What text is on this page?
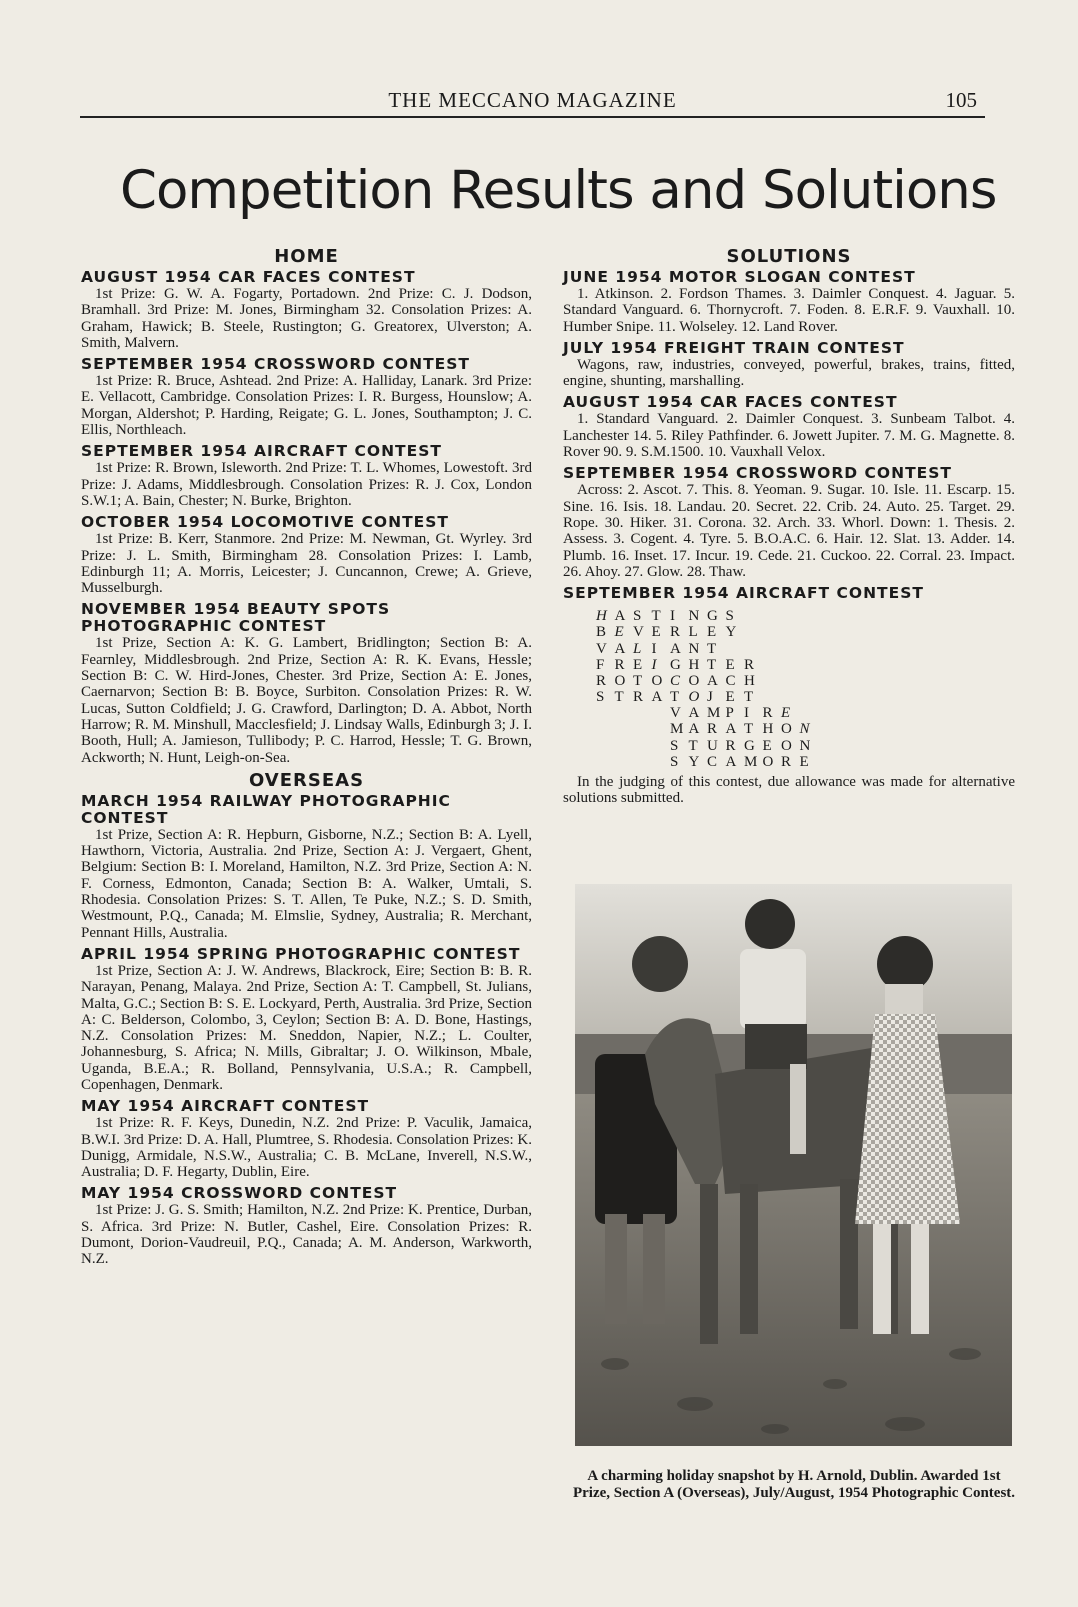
THE MECCANO MAGAZINE	105
Competition Results and Solutions
HOME
AUGUST 1954 CAR FACES CONTEST

1st Prize: G. W. A. Fogarty, Portadown. 2nd Prize: C. J. Dodson, Bramhall. 3rd Prize: M. Jones, Birmingham 32. Consolation Prizes: A. Graham, Hawick; B. Steele, Rustington; G. Greatorex, Ulverston; A. Smith, Malvern.

SEPTEMBER 1954 CROSSWORD CONTEST

1st Prize: R. Bruce, Ashtead. 2nd Prize: A. Halliday, Lanark. 3rd Prize: E. Vellacott, Cambridge. Consolation Prizes: I. R. Burgess, Hounslow; A. Morgan, Aldershot; P. Harding, Reigate; G. L. Jones, Southampton; J. C. Ellis, Northleach.

SEPTEMBER 1954 AIRCRAFT CONTEST

1st Prize: R. Brown, Isleworth. 2nd Prize: T. L. Whomes, Lowestoft. 3rd Prize: J. Adams, Middlesbrough. Consolation Prizes: R. J. Cox, London S.W.1; A. Bain, Chester; N. Burke, Brighton.

OCTOBER 1954 LOCOMOTIVE CONTEST

1st Prize: B. Kerr, Stanmore. 2nd Prize: M. Newman, Gt. Wyrley. 3rd Prize: J. L. Smith, Birmingham 28. Consolation Prizes: I. Lamb, Edinburgh 11; A. Morris, Leicester; J. Cuncannon, Crewe; A. Grieve, Musselburgh.

NOVEMBER 1954 BEAUTY SPOTS PHOTOGRAPHIC CONTEST

1st Prize, Section A: K. G. Lambert, Bridlington; Section B: A. Fearnley, Middlesbrough. 2nd Prize, Section A: R. K. Evans, Hessle; Section B: C. W. Hird-Jones, Chester. 3rd Prize, Section A: E. Jones, Caernarvon; Section B: B. Boyce, Surbiton. Consolation Prizes: R. W. Lucas, Sutton Coldfield; J. G. Crawford, Darlington; D. A. Abbot, North Harrow; R. M. Minshull, Macclesfield; J. Lindsay Walls, Edinburgh 3; J. I. Booth, Hull; A. Jamieson, Tullibody; P. C. Harrod, Hessle; T. G. Brown, Ackworth; N. Hunt, Leigh-on-Sea.

OVERSEAS
MARCH 1954 RAILWAY PHOTOGRAPHIC CONTEST

1st Prize, Section A: R. Hepburn, Gisborne, N.Z.; Section B: A. Lyell, Hawthorn, Victoria, Australia. 2nd Prize, Section A: J. Vergaert, Ghent, Belgium: Section B: I. Moreland, Hamilton, N.Z. 3rd Prize, Section A: N. F. Corness, Edmonton, Canada; Section B: A. Walker, Umtali, S. Rhodesia. Consolation Prizes: S. T. Allen, Te Puke, N.Z.; S. D. Smith, Westmount, P.Q., Canada; M. Elmslie, Sydney, Australia; R. Merchant, Pennant Hills, Australia.

APRIL 1954 SPRING PHOTOGRAPHIC CONTEST

1st Prize, Section A: J. W. Andrews, Blackrock, Eire; Section B: B. R. Narayan, Penang, Malaya. 2nd Prize, Section A: T. Campbell, St. Julians, Malta, G.C.; Section B: S. E. Lockyard, Perth, Australia. 3rd Prize, Section A: C. Belderson, Colombo, 3, Ceylon; Section B: A. D. Bone, Hastings, N.Z. Consolation Prizes: M. Sneddon, Napier, N.Z.; L. Coulter, Johannesburg, S. Africa; N. Mills, Gibraltar; J. O. Wilkinson, Mbale, Uganda, B.E.A.; R. Bolland, Pennsylvania, U.S.A.; R. Campbell, Copenhagen, Denmark.

MAY 1954 AIRCRAFT CONTEST

1st Prize: R. F. Keys, Dunedin, N.Z. 2nd Prize: P. Vaculik, Jamaica, B.W.I. 3rd Prize: D. A. Hall, Plumtree, S. Rhodesia. Consolation Prizes: K. Dunigg, Armidale, N.S.W., Australia; C. B. McLane, Inverell, N.S.W., Australia; D. F. Hegarty, Dublin, Eire.

MAY 1954 CROSSWORD CONTEST

1st Prize: J. G. S. Smith; Hamilton, N.Z. 2nd Prize: K. Prentice, Durban, S. Africa. 3rd Prize: N. Butler, Cashel, Eire. Consolation Prizes: R. Dumont, Dorion-Vaudreuil, P.Q., Canada; A. M. Anderson, Warkworth, N.Z.

SOLUTIONS
JUNE 1954 MOTOR SLOGAN CONTEST

1. Atkinson. 2. Fordson Thames. 3. Daimler Conquest. 4. Jaguar. 5. Standard Vanguard. 6. Thornycroft. 7. Foden. 8. E.R.F. 9. Vauxhall. 10. Humber Snipe. 11. Wolseley. 12. Land Rover.

JULY 1954 FREIGHT TRAIN CONTEST

Wagons, raw, industries, conveyed, powerful, brakes, trains, fitted, engine, shunting, marshalling.

AUGUST 1954 CAR FACES CONTEST

1. Standard Vanguard. 2. Daimler Conquest. 3. Sunbeam Talbot. 4. Lanchester 14. 5. Riley Pathfinder. 6. Jowett Jupiter. 7. M. G. Magnette. 8. Rover 90. 9. S.M.1500. 10. Vauxhall Velox.

SEPTEMBER 1954 CROSSWORD CONTEST

Across: 2. Ascot. 7. This. 8. Yeoman. 9. Sugar. 10. Isle. 11. Escarp. 15. Sine. 16. Isis. 18. Landau. 20. Secret. 22. Crib. 24. Auto. 25. Target. 29. Rope. 30. Hiker. 31. Corona. 32. Arch. 33. Whorl. Down: 1. Thesis. 2. Assess. 3. Cogent. 4. Tyre. 5. B.O.A.C. 6. Hair. 12. Slat. 13. Adder. 14. Plumb. 16. Inset. 17. Incur. 19. Cede. 21. Cuckoo. 22. Corral. 23. Impact. 26. Ahoy. 27. Glow. 28. Thaw.

SEPTEMBER 1954 AIRCRAFT CONTEST
H A S T I N G S
B E V E R L E Y
V A L I A N T
F R E I G H T E R
R O T O C O A C H
S T R A T O J E T
V A M P I R E
M A R A T H O N
S T U R G E O N
S Y C A M O R E

In the judging of this contest, due allowance was made for alternative solutions submitted.

A charming holiday snapshot by H. Arnold, Dublin. Awarded 1st Prize, Section A (Overseas), July/August, 1954 Photographic Contest.
